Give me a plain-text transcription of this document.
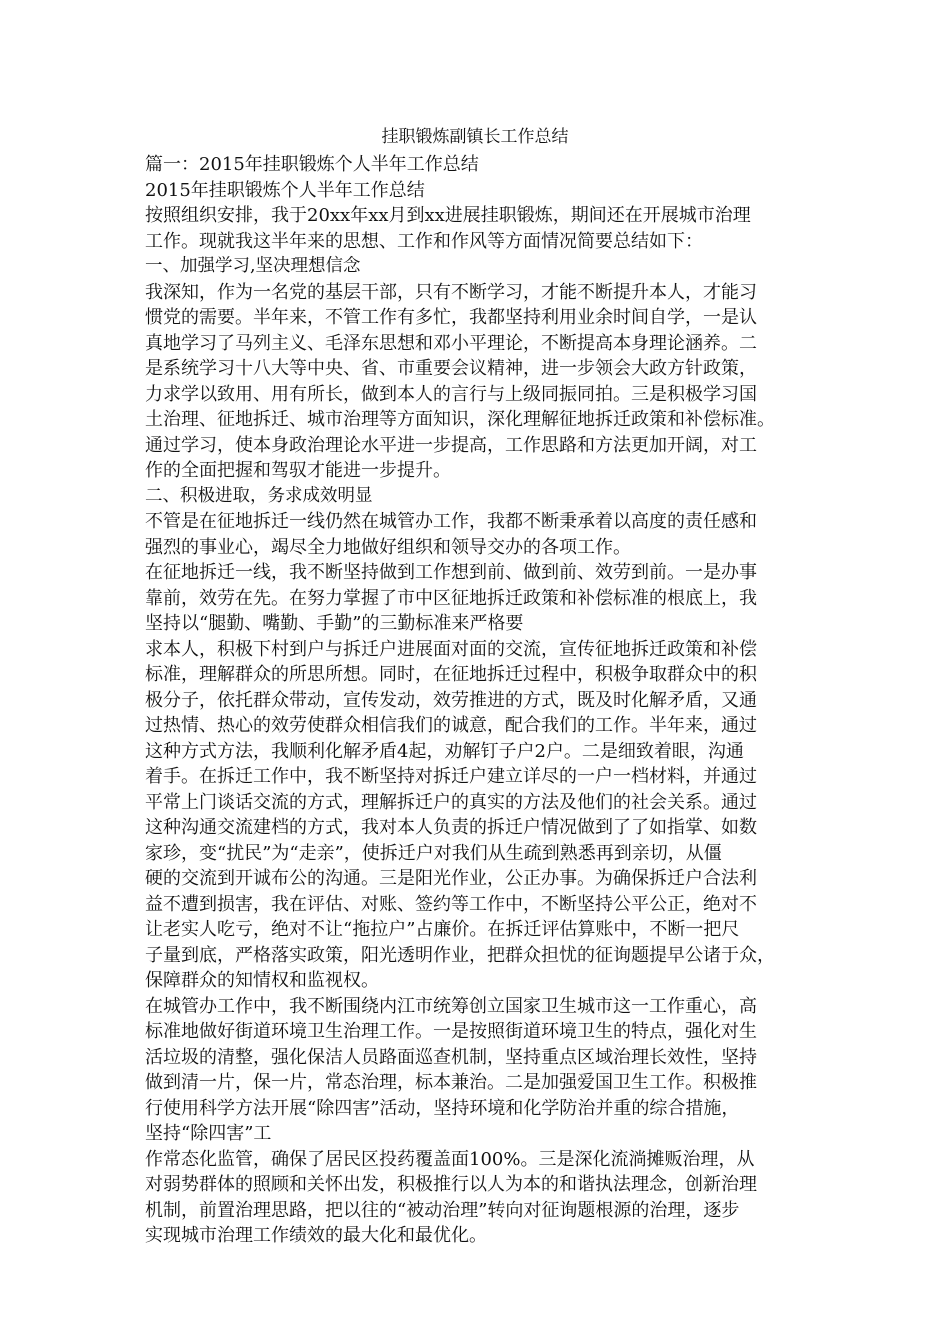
挂职锻炼副镇长工作总结

篇一：2015年挂职锻炼个人半年工作总结

2015年挂职锻炼个人半年工作总结

按照组织安排，我于20xx年xx月到xx进展挂职锻炼，期间还在开展城市治理

工作。现就我这半年来的思想、工作和作风等方面情况简要总结如下：

一、加强学习,坚决理想信念

我深知，作为一名党的基层干部，只有不断学习，才能不断提升本人，才能习

惯党的需要。半年来，不管工作有多忙，我都坚持利用业余时间自学，一是认

真地学习了马列主义、毛泽东思想和邓小平理论，不断提高本身理论涵养。二

是系统学习十八大等中央、省、市重要会议精神，进一步领会大政方针政策，

力求学以致用、用有所长，做到本人的言行与上级同振同拍。三是积极学习国

土治理、征地拆迁、城市治理等方面知识，深化理解征地拆迁政策和补偿标准。

通过学习，使本身政治理论水平进一步提高，工作思路和方法更加开阔，对工

作的全面把握和驾驭才能进一步提升。

二、积极进取，务求成效明显

不管是在征地拆迁一线仍然在城管办工作，我都不断秉承着以高度的责任感和

强烈的事业心，竭尽全力地做好组织和领导交办的各项工作。

在征地拆迁一线，我不断坚持做到工作想到前、做到前、效劳到前。一是办事

靠前，效劳在先。在努力掌握了市中区征地拆迁政策和补偿标准的根底上，我

坚持以“腿勤、嘴勤、手勤”的三勤标准来严格要

求本人，积极下村到户与拆迁户进展面对面的交流，宣传征地拆迁政策和补偿

标准，理解群众的所思所想。同时，在征地拆迁过程中，积极争取群众中的积

极分子，依托群众带动，宣传发动，效劳推进的方式，既及时化解矛盾，又通

过热情、热心的效劳使群众相信我们的诚意，配合我们的工作。半年来，通过

这种方式方法，我顺利化解矛盾4起，劝解钉子户2户。二是细致着眼，沟通

着手。在拆迁工作中，我不断坚持对拆迁户建立详尽的一户一档材料，并通过

平常上门谈话交流的方式，理解拆迁户的真实的方法及他们的社会关系。通过

这种沟通交流建档的方式，我对本人负责的拆迁户情况做到了了如指掌、如数

家珍，变“扰民”为“走亲”，使拆迁户对我们从生疏到熟悉再到亲切，从僵

硬的交流到开诚布公的沟通。三是阳光作业，公正办事。为确保拆迁户合法利

益不遭到损害，我在评估、对账、签约等工作中，不断坚持公平公正，绝对不

让老实人吃亏，绝对不让“拖拉户”占廉价。在拆迁评估算账中，不断一把尺

子量到底，严格落实政策，阳光透明作业，把群众担忧的征询题提早公诸于众，

保障群众的知情权和监视权。

在城管办工作中，我不断围绕内江市统筹创立国家卫生城市这一工作重心，高

标准地做好街道环境卫生治理工作。一是按照街道环境卫生的特点，强化对生

活垃圾的清整，强化保洁人员路面巡查机制，坚持重点区域治理长效性，坚持

做到清一片，保一片，常态治理，标本兼治。二是加强爱国卫生工作。积极推

行使用科学方法开展“除四害”活动，坚持环境和化学防治并重的综合措施，

坚持“除四害”工

作常态化监管，确保了居民区投药覆盖面100%。三是深化流淌摊贩治理，从

对弱势群体的照顾和关怀出发，积极推行以人为本的和谐执法理念，创新治理

机制，前置治理思路，把以往的“被动治理”转向对征询题根源的治理，逐步

实现城市治理工作绩效的最大化和最优化。
